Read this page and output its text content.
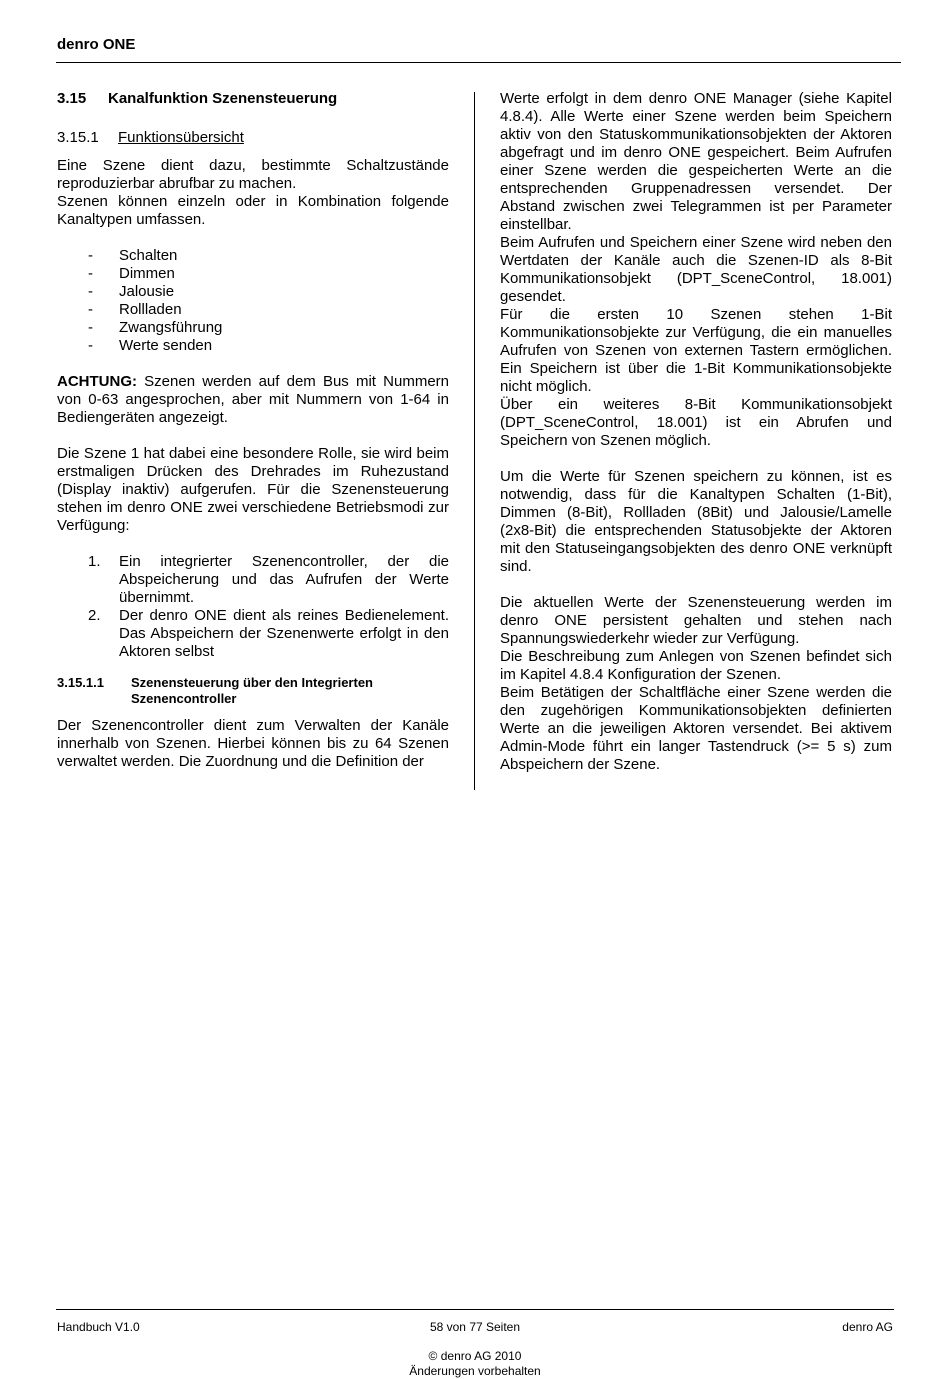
denro ONE
3.15 Kanalfunktion Szenensteuerung
3.15.1 Funktionsübersicht

Eine Szene dient dazu, bestimmte Schaltzustände reproduzierbar abrufbar zu machen.

Szenen können einzeln oder in Kombination folgende Kanaltypen umfassen.

- Schalten
- Dimmen
- Jalousie
- Rollladen
- Zwangsführung
- Werte senden

ACHTUNG: Szenen werden auf dem Bus mit Nummern von 0-63 angesprochen, aber mit Nummern von 1-64 in Bediengeräten angezeigt.

Die Szene 1 hat dabei eine besondere Rolle, sie wird beim erstmaligen Drücken des Drehrades im Ruhezustand (Display inaktiv) aufgerufen. Für die Szenensteuerung stehen im denro ONE zwei verschiedene Betriebsmodi zur Verfügung:

1. Ein integrierter Szenencontroller, der die Abspeicherung und das Aufrufen der Werte übernimmt.
2. Der denro ONE dient als reines Bedienelement. Das Abspeichern der Szenenwerte erfolgt in den Aktoren selbst
3.15.1.1 Szenensteuerung über den Integrierten Szenencontroller

Der Szenencontroller dient zum Verwalten der Kanäle innerhalb von Szenen. Hierbei können bis zu 64 Szenen verwaltet werden. Die Zuordnung und die Definition der

Werte erfolgt in dem denro ONE Manager (siehe Kapitel 4.8.4). Alle Werte einer Szene werden beim Speichern aktiv von den Statuskommunikationsobjekten der Aktoren abgefragt und im denro ONE gespeichert. Beim Aufrufen einer Szene werden die gespeicherten Werte an die entsprechenden Gruppenadressen versendet. Der Abstand zwischen zwei Telegrammen ist per Parameter einstellbar.

Beim Aufrufen und Speichern einer Szene wird neben den Wertdaten der Kanäle auch die Szenen-ID als 8-Bit Kommunikationsobjekt (DPT_SceneControl, 18.001) gesendet.

Für die ersten 10 Szenen stehen 1-Bit Kommunikationsobjekte zur Verfügung, die ein manuelles Aufrufen von Szenen von externen Tastern ermöglichen. Ein Speichern ist über die 1-Bit Kommunikationsobjekte nicht möglich.

Über ein weiteres 8-Bit Kommunikationsobjekt (DPT_SceneControl, 18.001) ist ein Abrufen und Speichern von Szenen möglich.

Um die Werte für Szenen speichern zu können, ist es notwendig, dass für die Kanaltypen Schalten (1-Bit), Dimmen (8-Bit), Rollladen (8Bit) und Jalousie/Lamelle (2x8-Bit) die entsprechenden Statusobjekte der Aktoren mit den Statuseingangsobjekten des denro ONE verknüpft sind.

Die aktuellen Werte der Szenensteuerung werden im denro ONE persistent gehalten und stehen nach Spannungswiederkehr wieder zur Verfügung.

Die Beschreibung zum Anlegen von Szenen befindet sich im Kapitel 4.8.4 Konfiguration der Szenen.

Beim Betätigen der Schaltfläche einer Szene werden die den zugehörigen Kommunikationsobjekten definierten Werte an die jeweiligen Aktoren versendet. Bei aktivem Admin-Mode führt ein langer Tastendruck (>= 5 s) zum Abspeichern der Szene.

Handbuch V1.0	58 von 77 Seiten	denro AG
© denro AG 2010
Änderungen vorbehalten
